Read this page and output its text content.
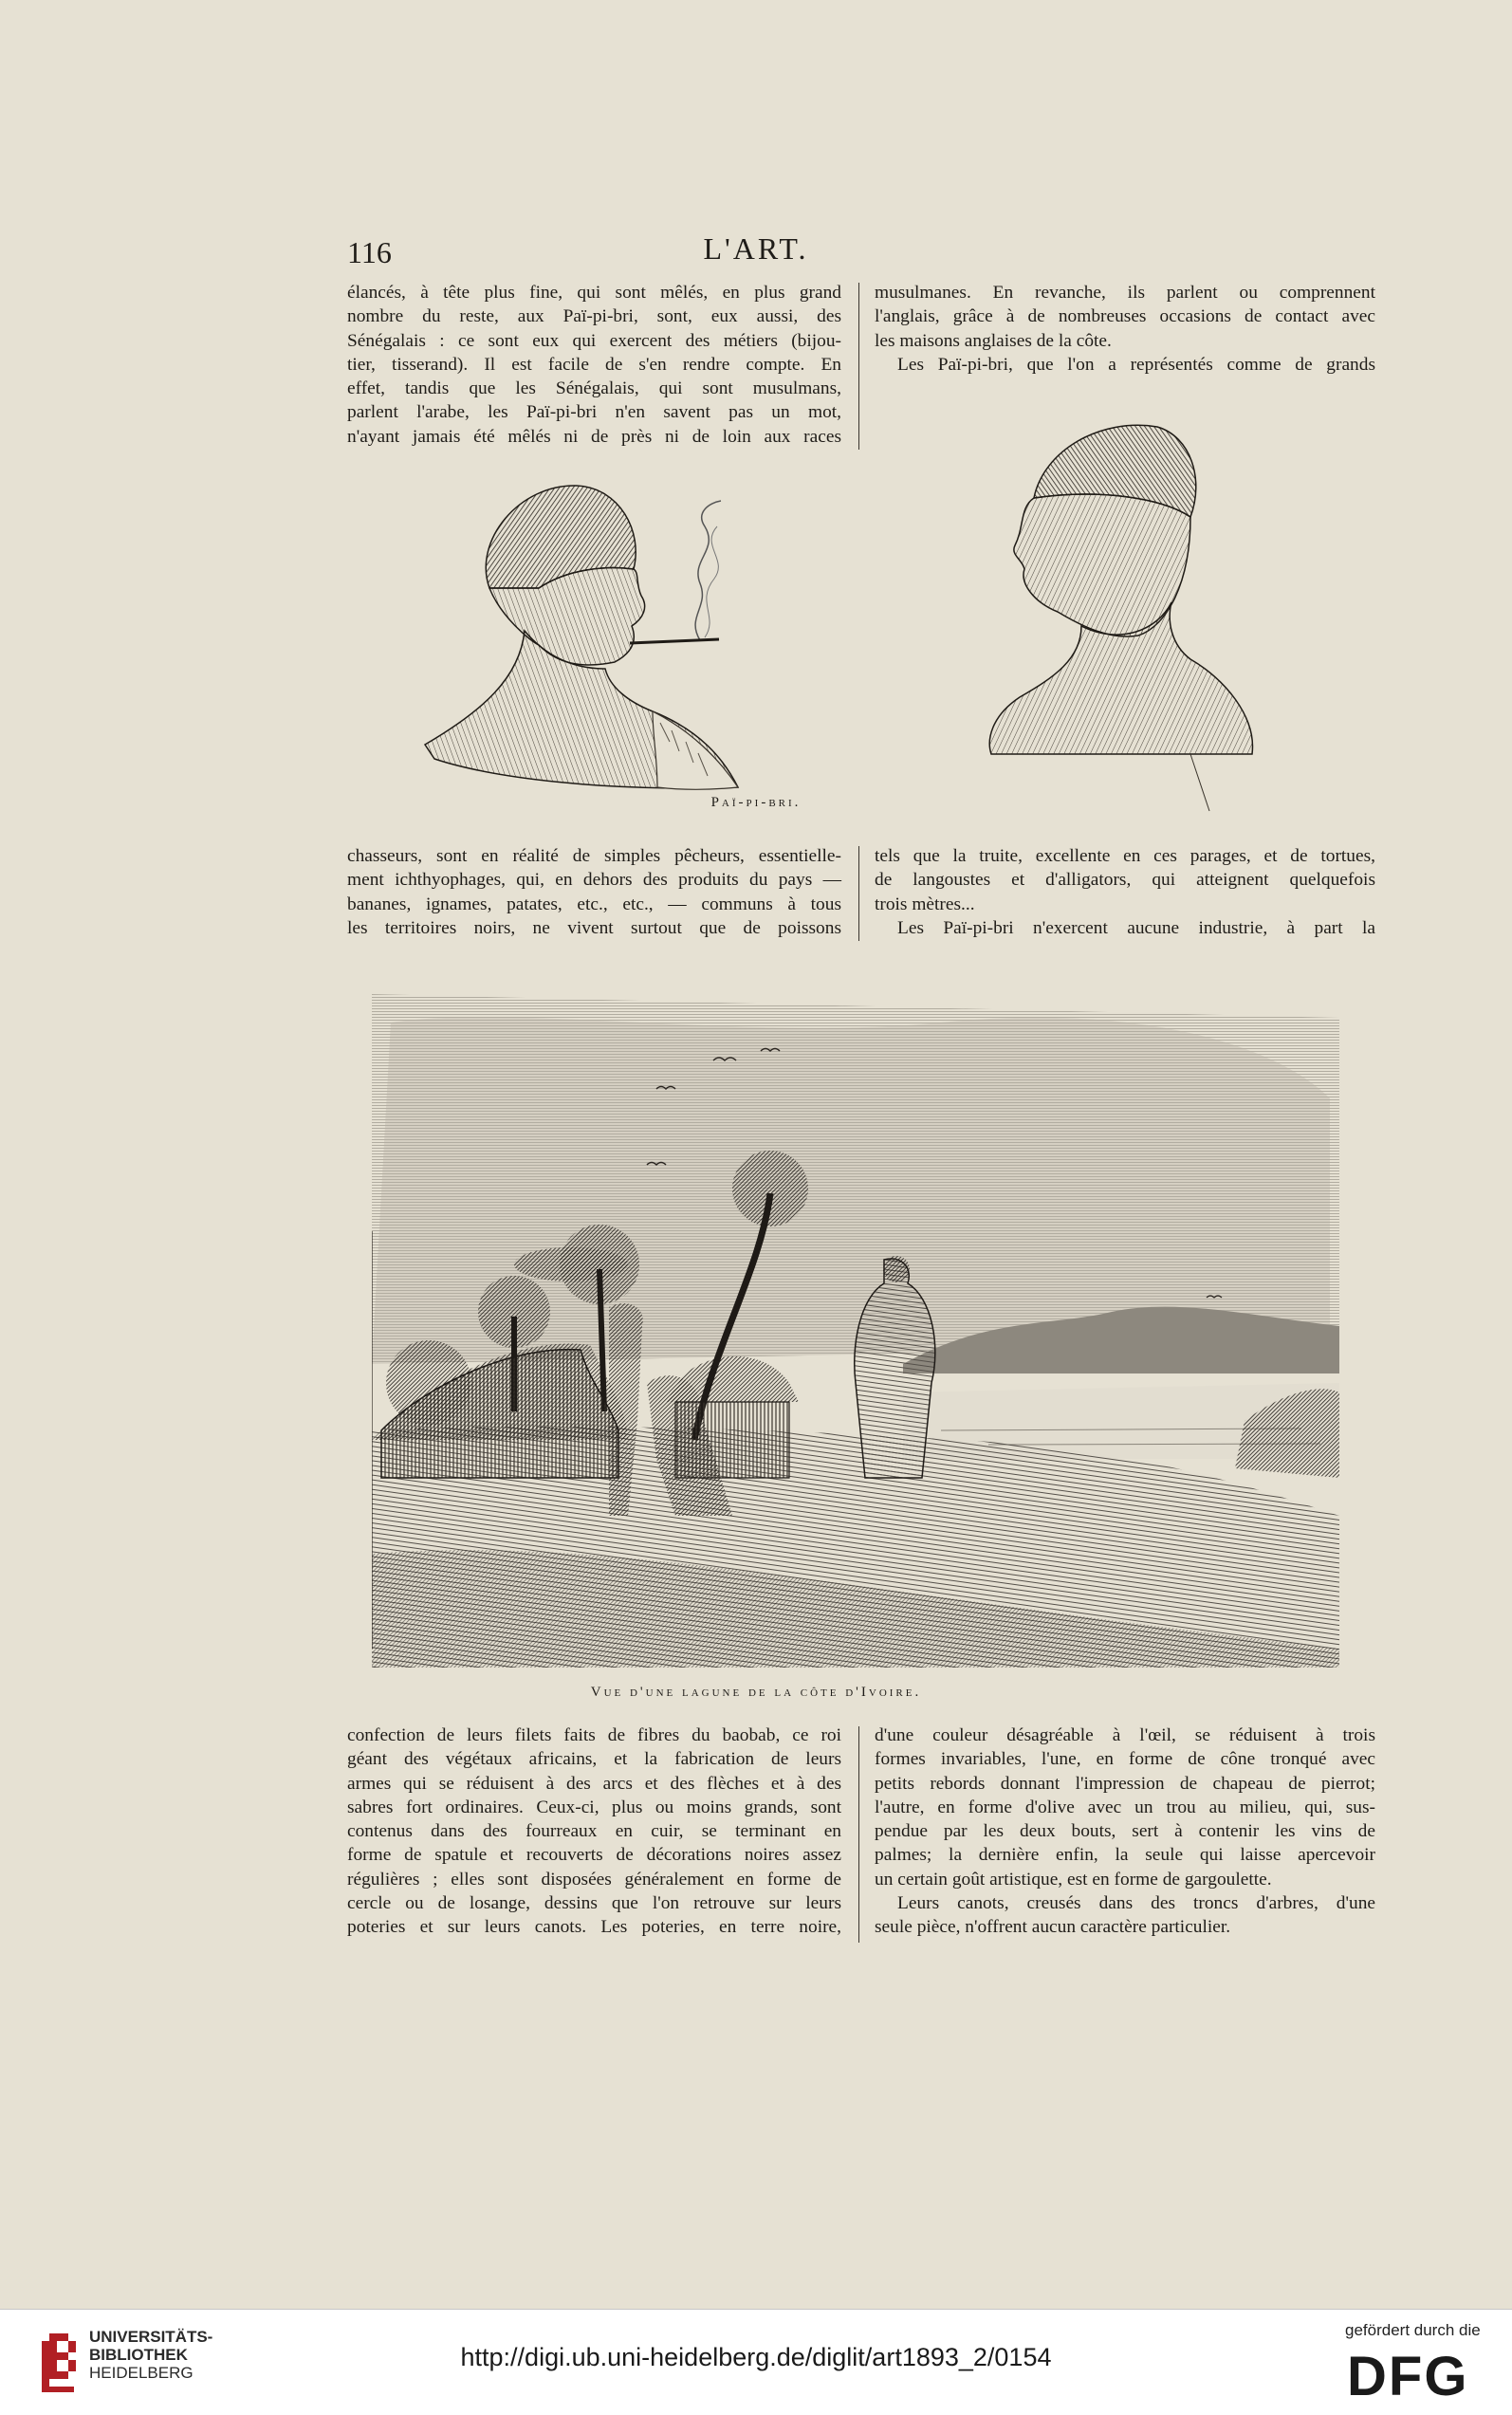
116	L'ART.
élancés, à tête plus fine, qui sont mêlés, en plus grand
nombre du reste, aux Paï‑pi‑bri, sont, eux aussi, des
Sénégalais : ce sont eux qui exercent des métiers (bijou-
tier, tisserand). Il est facile de s'en rendre compte. En
effet, tandis que les Sénégalais, qui sont musulmans,
parlent l'arabe, les Paï‑pi‑bri n'en savent pas un mot,
n'ayant jamais été mêlés ni de près ni de loin aux races
musulmanes. En revanche, ils parlent ou comprennent
l'anglais, grâce à de nombreuses occasions de contact avec
les maisons anglaises de la côte.
Les Paï‑pi‑bri, que l'on a représentés comme de grands
Paï‑pi‑bri.
chasseurs, sont en réalité de simples pêcheurs, essentielle-
ment ichthyophages, qui, en dehors des produits du pays —
bananes, ignames, patates, etc., etc., — communs à tous
les territoires noirs, ne vivent surtout que de poissons
tels que la truite, excellente en ces parages, et de tortues,
de langoustes et d'alligators, qui atteignent quelquefois
trois mètres...
Les Paï‑pi‑bri n'exercent aucune industrie, à part la
Vue d'une lagune de la côte d'Ivoire.
confection de leurs filets faits de fibres du baobab, ce roi
géant des végétaux africains, et la fabrication de leurs
armes qui se réduisent à des arcs et des flèches et à des
sabres fort ordinaires. Ceux‑ci, plus ou moins grands, sont
contenus dans des fourreaux en cuir, se terminant en
forme de spatule et recouverts de décorations noires assez
régulières ; elles sont disposées généralement en forme de
cercle ou de losange, dessins que l'on retrouve sur leurs
poteries et sur leurs canots. Les poteries, en terre noire,
d'une couleur désagréable à l'œil, se réduisent à trois
formes invariables, l'une, en forme de cône tronqué avec
petits rebords donnant l'impression de chapeau de pierrot;
l'autre, en forme d'olive avec un trou au milieu, qui, sus-
pendue par les deux bouts, sert à contenir les vins de
palmes; la dernière enfin, la seule qui laisse apercevoir
un certain goût artistique, est en forme de gargoulette.
Leurs canots, creusés dans des troncs d'arbres, d'une
seule pièce, n'offrent aucun caractère particulier.
UNIVERSITÄTS-
BIBLIOTHEK
HEIDELBERG
http://digi.ub.uni-heidelberg.de/diglit/art1893_2/0154
gefördert durch die
DFG
